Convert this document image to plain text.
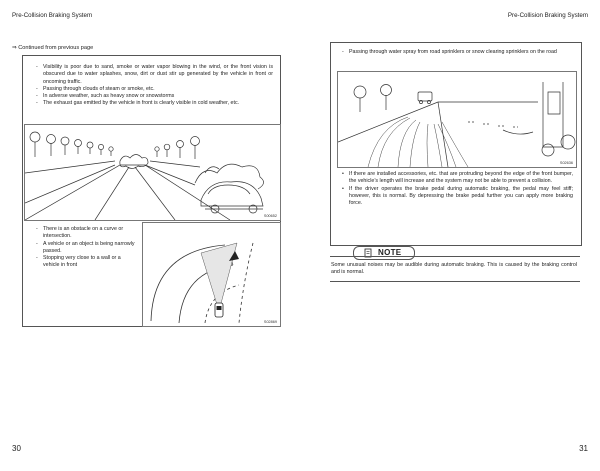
Pre-Collision Braking System	Pre-Collision Braking System
⇒ Continued from previous page
- Visibility is poor due to sand, smoke or water vapor blowing in the wind, or the front vision is obscured due to water splashes, snow, dirt or dust stir up generated by the vehicle in front or oncoming traffic.
- Passing through clouds of steam or smoke, etc.
- In adverse weather, such as heavy snow or snowstorms
- The exhaust gas emitted by the vehicle in front is clearly visible in cold weather, etc.
S00652
- There is an obstacle on a curve or intersection.
- A vehicle or an object is being narrowly passed.
- Stopping very close to a wall or a vehicle in front
S02869
- Passing through water spray from road sprinklers or snow clearing sprinklers on the road
S02636
• If there are installed accessories, etc. that are protruding beyond the edge of the front bumper, the vehicle’s length will increase and the system may not be able to prevent a collision.
• If the driver operates the brake pedal during automatic braking, the pedal may feel stiff; however, this is normal. By depressing the brake pedal further you can apply more braking force.
NOTE
Some unusual noises may be audible during automatic braking. This is caused by the braking control and is normal.
30	31
